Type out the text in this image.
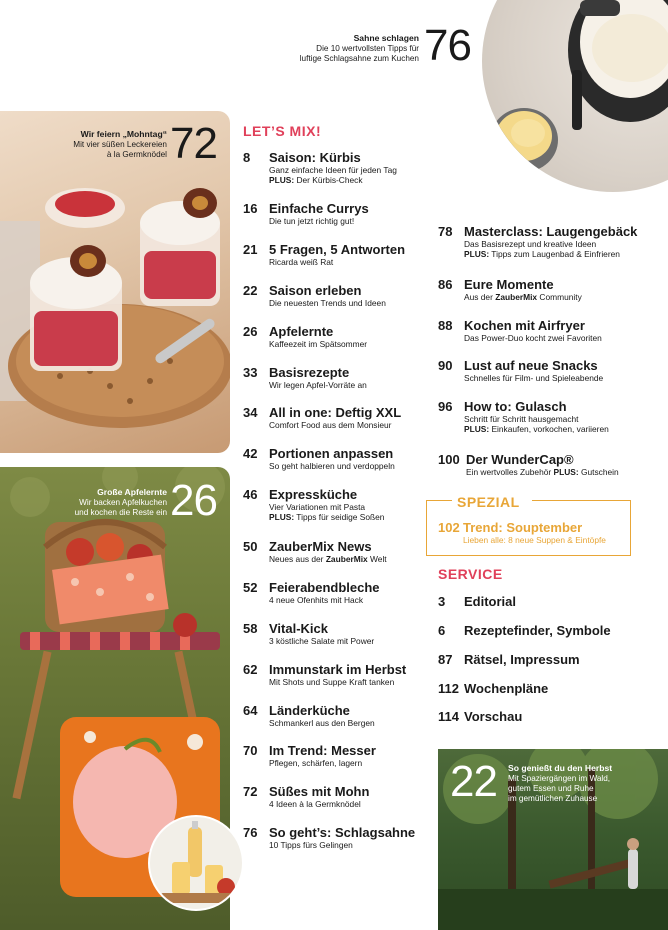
Sahne schlagen
Die 10 wertvollsten Tipps für
luftige Schlagsahne zum Kuchen 76
Wir feiern „Mohntag“
Mit vier süßen Leckereien
à la Germknödel 72
Große Apfelernte
Wir backen Apfelkuchen
und kochen die Reste ein 26
LET’S MIX!
8 Saison: Kürbis
Ganz einfache Ideen für jeden Tag
PLUS: Der Kürbis-Check
16 Einfache Currys
Die tun jetzt richtig gut!
21 5 Fragen, 5 Antworten
Ricarda weiß Rat
22 Saison erleben
Die neuesten Trends und Ideen
26 Apfelernte
Kaffeezeit im Spätsommer
33 Basisrezepte
Wir legen Apfel-Vorräte an
34 All in one: Deftig XXL
Comfort Food aus dem Monsieur
42 Portionen anpassen
So geht halbieren und verdoppeln
46 Expressküche
Vier Variationen mit Pasta
PLUS: Tipps für seidige Soßen
50 ZauberMix News
Neues aus der ZauberMix Welt
52 Feierabendbleche
4 neue Ofenhits mit Hack
58 Vital-Kick
3 köstliche Salate mit Power
62 Immunstark im Herbst
Mit Shots und Suppe Kraft tanken
64 Länderküche
Schmankerl aus den Bergen
70 Im Trend: Messer
Pflegen, schärfen, lagern
72 Süßes mit Mohn
4 Ideen à la Germknödel
76 So geht’s: Schlagsahne
10 Tipps fürs Gelingen
78 Masterclass: Laugengebäck
Das Basisrezept und kreative Ideen
PLUS: Tipps zum Laugenbad & Einfrieren
86 Eure Momente
Aus der ZauberMix Community
88 Kochen mit Airfryer
Das Power-Duo kocht zwei Favoriten
90 Lust auf neue Snacks
Schnelles für Film- und Spieleabende
96 How to: Gulasch
Schritt für Schritt hausgemacht
PLUS: Einkaufen, vorkochen, variieren
100 Der WunderCap®
Ein wertvolles Zubehör PLUS: Gutschein
SPEZIAL
102 Trend: Souptember
Lieben alle: 8 neue Suppen & Eintöpfe
SERVICE
3 Editorial
6 Rezeptefinder, Symbole
87 Rätsel, Impressum
112 Wochenpläne
114 Vorschau
22 So genießt du den Herbst
Mit Spaziergängen im Wald,
gutem Essen und Ruhe
im gemütlichen Zuhause
